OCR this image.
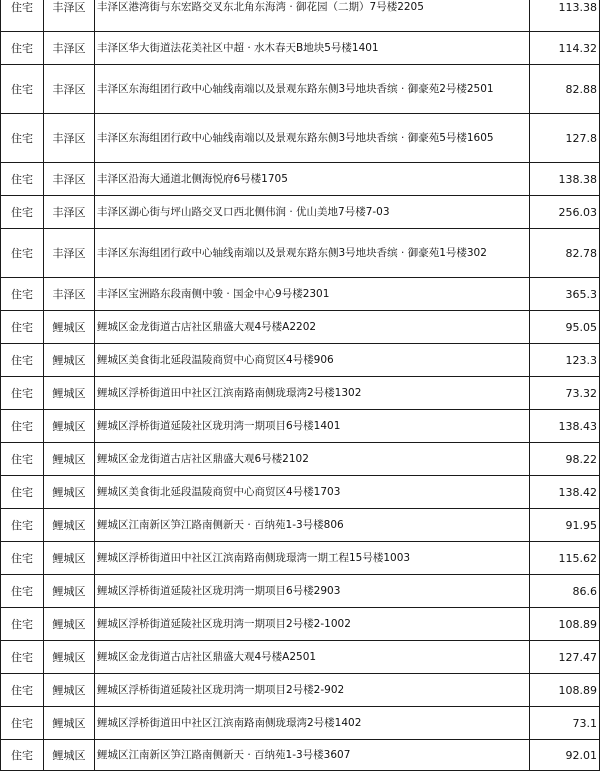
住宅	丰泽区	丰泽区港湾街与东宏路交叉东北角东海湾 · 御花园（二期）7号楼2205	113.38
住宅	丰泽区	丰泽区华大街道法花美社区中超 · 水木春天B地块5号楼1401	114.32
住宅	丰泽区	丰泽区东海组团行政中心轴线南端以及景观东路东侧3号地块香缤 · 御豪苑2号楼2501	82.88
住宅	丰泽区	丰泽区东海组团行政中心轴线南端以及景观东路东侧3号地块香缤 · 御豪苑5号楼1605	127.8
住宅	丰泽区	丰泽区沿海大通道北侧海悦府6号楼1705	138.38
住宅	丰泽区	丰泽区湖心街与坪山路交叉口西北侧伟润 · 优山美地7号楼7-03	256.03
住宅	丰泽区	丰泽区东海组团行政中心轴线南端以及景观东路东侧3号地块香缤 · 御豪苑1号楼302	82.78
住宅	丰泽区	丰泽区宝洲路东段南侧中骏 · 国金中心9号楼2301	365.3
住宅	鲤城区	鲤城区金龙街道古店社区鼎盛大观4号楼A2202	95.05
住宅	鲤城区	鲤城区美食街北延段温陵商贸中心商贸区4号楼906	123.3
住宅	鲤城区	鲤城区浮桥街道田中社区江滨南路南侧珑璟湾2号楼1302	73.32
住宅	鲤城区	鲤城区浮桥街道延陵社区珑玥湾一期项目6号楼1401	138.43
住宅	鲤城区	鲤城区金龙街道古店社区鼎盛大观6号楼2102	98.22
住宅	鲤城区	鲤城区美食街北延段温陵商贸中心商贸区4号楼1703	138.42
住宅	鲤城区	鲤城区江南新区笋江路南侧新天 · 百纳苑1-3号楼806	91.95
住宅	鲤城区	鲤城区浮桥街道田中社区江滨南路南侧珑璟湾一期工程15号楼1003	115.62
住宅	鲤城区	鲤城区浮桥街道延陵社区珑玥湾一期项目6号楼2903	86.6
住宅	鲤城区	鲤城区浮桥街道延陵社区珑玥湾一期项目2号楼2-1002	108.89
住宅	鲤城区	鲤城区金龙街道古店社区鼎盛大观4号楼A2501	127.47
住宅	鲤城区	鲤城区浮桥街道延陵社区珑玥湾一期项目2号楼2-902	108.89
住宅	鲤城区	鲤城区浮桥街道田中社区江滨南路南侧珑璟湾2号楼1402	73.1
住宅	鲤城区	鲤城区江南新区笋江路南侧新天 · 百纳苑1-3号楼3607	92.01
